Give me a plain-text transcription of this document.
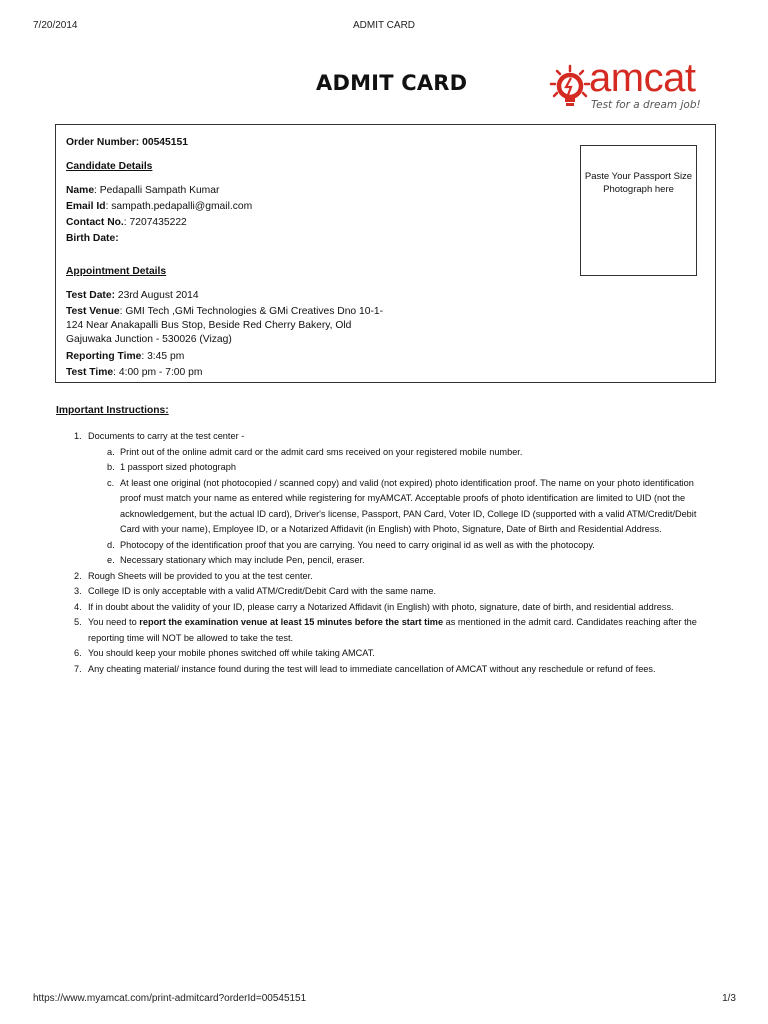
7/20/2014	ADMIT CARD
ADMIT CARD	amcat
Test for a dream job!
Order Number: 00545151
Candidate Details
Name: Pedapalli Sampath Kumar
Email Id: sampath.pedapalli@gmail.com
Contact No.: 7207435222
Birth Date:
Appointment Details
Test Date: 23rd August 2014
Test Venue: GMI Tech ,GMi Technologies & GMi Creatives Dno 10-1-124 Near Anakapalli Bus Stop, Beside Red Cherry Bakery, Old Gajuwaka Junction - 530026 (Vizag)
Reporting Time: 3:45 pm
Test Time: 4:00 pm - 7:00 pm
Paste Your Passport Size Photograph here
Important Instructions:
1. Documents to carry at the test center -
a. Print out of the online admit card or the admit card sms received on your registered mobile number.
b. 1 passport sized photograph
c. At least one original (not photocopied / scanned copy) and valid (not expired) photo identification proof. The name on your photo identification proof must match your name as entered while registering for myAMCAT. Acceptable proofs of photo identification are limited to UID (not the acknowledgement, but the actual ID card), Driver's license, Passport, PAN Card, Voter ID, College ID (supported with a valid ATM/Credit/Debit Card with your name), Employee ID, or a Notarized Affidavit (in English) with Photo, Signature, Date of Birth and Residential Address.
d. Photocopy of the identification proof that you are carrying. You need to carry original id as well as with the photocopy.
e. Necessary stationary which may include Pen, pencil, eraser.
2. Rough Sheets will be provided to you at the test center.
3. College ID is only acceptable with a valid ATM/Credit/Debit Card with the same name.
4. If in doubt about the validity of your ID, please carry a Notarized Affidavit (in English) with photo, signature, date of birth, and residential address.
5. You need to report the examination venue at least 15 minutes before the start time as mentioned in the admit card. Candidates reaching after the reporting time will NOT be allowed to take the test.
6. You should keep your mobile phones switched off while taking AMCAT.
7. Any cheating material/ instance found during the test will lead to immediate cancellation of AMCAT without any reschedule or refund of fees.
https://www.myamcat.com/print-admitcard?orderId=00545151	1/3
